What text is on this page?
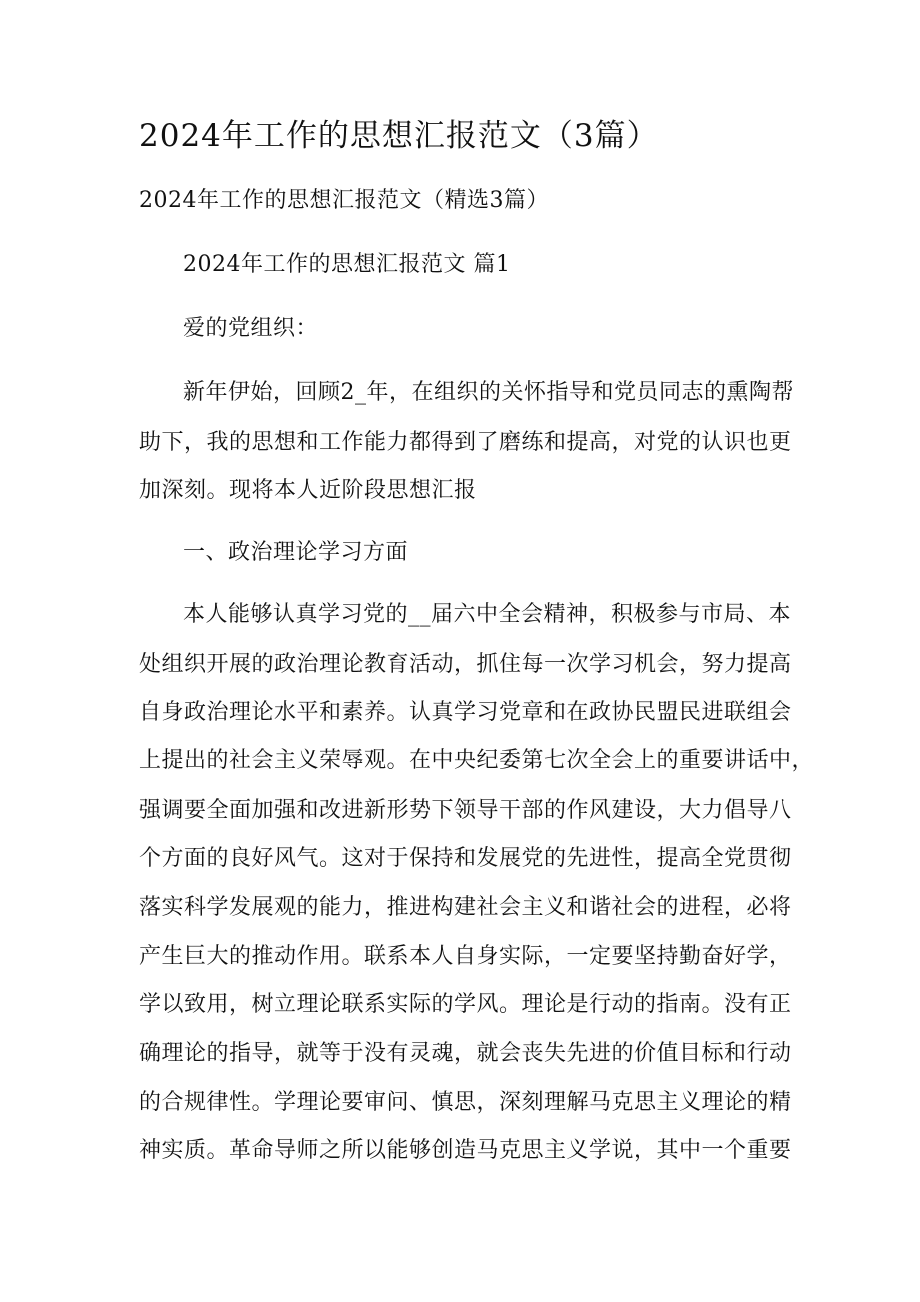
2024年工作的思想汇报范文（3篇）
2024年工作的思想汇报范文（精选3篇）
2024年工作的思想汇报范文 篇1
爱的党组织：
新年伊始，回顾2_年，在组织的关怀指导和党员同志的熏陶帮
助下，我的思想和工作能力都得到了磨练和提高，对党的认识也更
加深刻。现将本人近阶段思想汇报
一、政治理论学习方面
本人能够认真学习党的__届六中全会精神，积极参与市局、本
处组织开展的政治理论教育活动，抓住每一次学习机会，努力提高
自身政治理论水平和素养。认真学习党章和在政协民盟民进联组会
上提出的社会主义荣辱观。在中央纪委第七次全会上的重要讲话中，
强调要全面加强和改进新形势下领导干部的作风建设，大力倡导八
个方面的良好风气。这对于保持和发展党的先进性，提高全党贯彻
落实科学发展观的能力，推进构建社会主义和谐社会的进程，必将
产生巨大的推动作用。联系本人自身实际，一定要坚持勤奋好学，
学以致用，树立理论联系实际的学风。理论是行动的指南。没有正
确理论的指导，就等于没有灵魂，就会丧失先进的价值目标和行动
的合规律性。学理论要审问、慎思，深刻理解马克思主义理论的精
神实质。革命导师之所以能够创造马克思主义学说，其中一个重要
